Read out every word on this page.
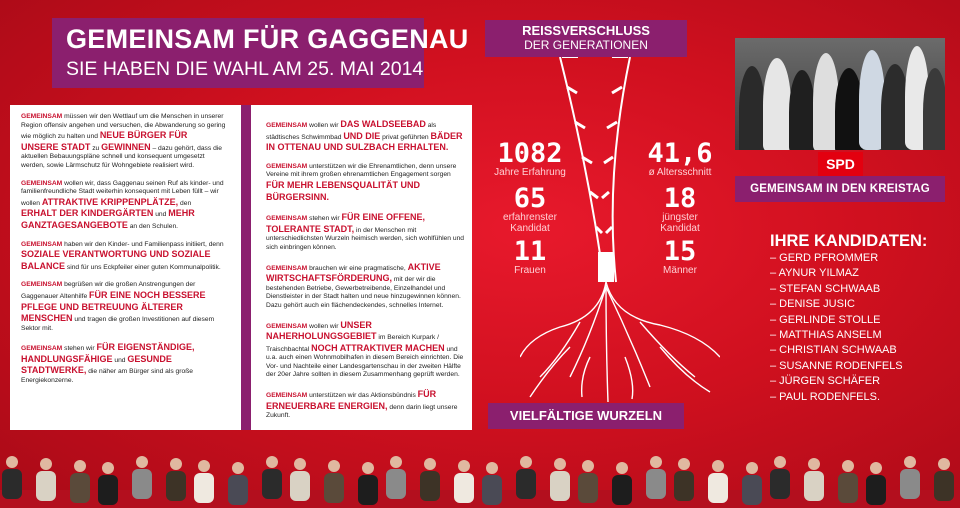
GEMEINSAM FÜR GAGGENAU
SIE HABEN DIE WAHL AM 25. MAI 2014

GEMEINSAM müssen wir den Wettlauf um die Menschen in unserer Region offensiv angehen und versuchen, die Abwanderung so gering wie möglich zu halten und NEUE BÜRGER FÜR UNSERE STADT zu GEWINNEN – dazu gehört, dass die aktuellen Bebauungspläne schnell und konsequent umgesetzt werden, sowie Lärmschutz für Wohngebiete realisiert wird.

GEMEINSAM wollen wir, dass Gaggenau seinen Ruf als kinder- und familienfreundliche Stadt weiterhin konsequent mit Leben füllt – wir wollen ATTRAKTIVE KRIPPENPLÄTZE, den ERHALT DER KINDERGÄRTEN und MEHR GANZTAGESANGEBOTE an den Schulen.

GEMEINSAM haben wir den Kinder- und Familienpass initiiert, denn SOZIALE VERANTWORTUNG UND SOZIALE BALANCE sind für uns Eckpfeiler einer guten Kommunalpolitik.

GEMEINSAM begrüßen wir die großen Anstrengungen der Gaggenauer Altenhilfe FÜR EINE NOCH BESSERE PFLEGE UND BETREUUNG ÄLTERER MENSCHEN und tragen die großen Investitionen auf diesem Sektor mit.

GEMEINSAM stehen wir FÜR EIGENSTÄNDIGE, HANDLUNGSFÄHIGE und GESUNDE STADTWERKE, die näher am Bürger sind als große Energiekonzerne.

GEMEINSAM wollen wir DAS WALDSEEBAD als städtisches Schwimmbad UND DIE privat geführten BÄDER IN OTTENAU UND SULZBACH ERHALTEN.

GEMEINSAM unterstützen wir die Ehrenamtlichen, denn unsere Vereine mit ihrem großen ehrenamtlichen Engagement sorgen FÜR MEHR LEBENSQUALITÄT UND BÜRGERSINN.

GEMEINSAM stehen wir FÜR EINE OFFENE, TOLERANTE STADT, in der Menschen mit unterschiedlichsten Wurzeln heimisch werden, sich wohlfühlen und sich einbringen können.

GEMEINSAM brauchen wir eine pragmatische, AKTIVE WIRTSCHAFTSFÖRDERUNG, mit der wir die bestehenden Betriebe, Gewerbetreibende, Einzelhandel und Dienstleister in der Stadt halten und neue hinzugewinnen können. Dazu gehört auch ein flächendeckendes, schnelles Internet.

GEMEINSAM wollen wir UNSER NAHERHOLUNGSGEBIET im Bereich Kurpark / Traischbachtal NOCH ATTRAKTIVER MACHEN und u.a. auch einen Wohnmobilhafen in diesem Bereich einrichten. Die Vor- und Nachteile einer Landesgartenschau in der zweiten Hälfte der 20er Jahre sollten in diesem Zusammenhang geprüft werden.

GEMEINSAM unterstützen wir das Aktionsbündnis FÜR ERNEUERBARE ENERGIEN, denn darin liegt unsere Zukunft.

REISSVERSCHLUSS
DER GENERATIONEN
1082
Jahre Erfahrung
41,6
ø Altersschnitt
65
erfahrenster Kandidat
18
jüngster Kandidat
11
Frauen
15
Männer
VIELFÄLTIGE WURZELN
SPD
GEMEINSAM IN DEN KREISTAG
IHRE KANDIDATEN:
– GERD PFROMMER
– AYNUR YILMAZ
– STEFAN SCHWAAB
– DENISE JUSIC
– GERLINDE STOLLE
– MATTHIAS ANSELM
– CHRISTIAN SCHWAAB
– SUSANNE RODENFELS
– JÜRGEN SCHÄFER
– PAUL RODENFELS.
